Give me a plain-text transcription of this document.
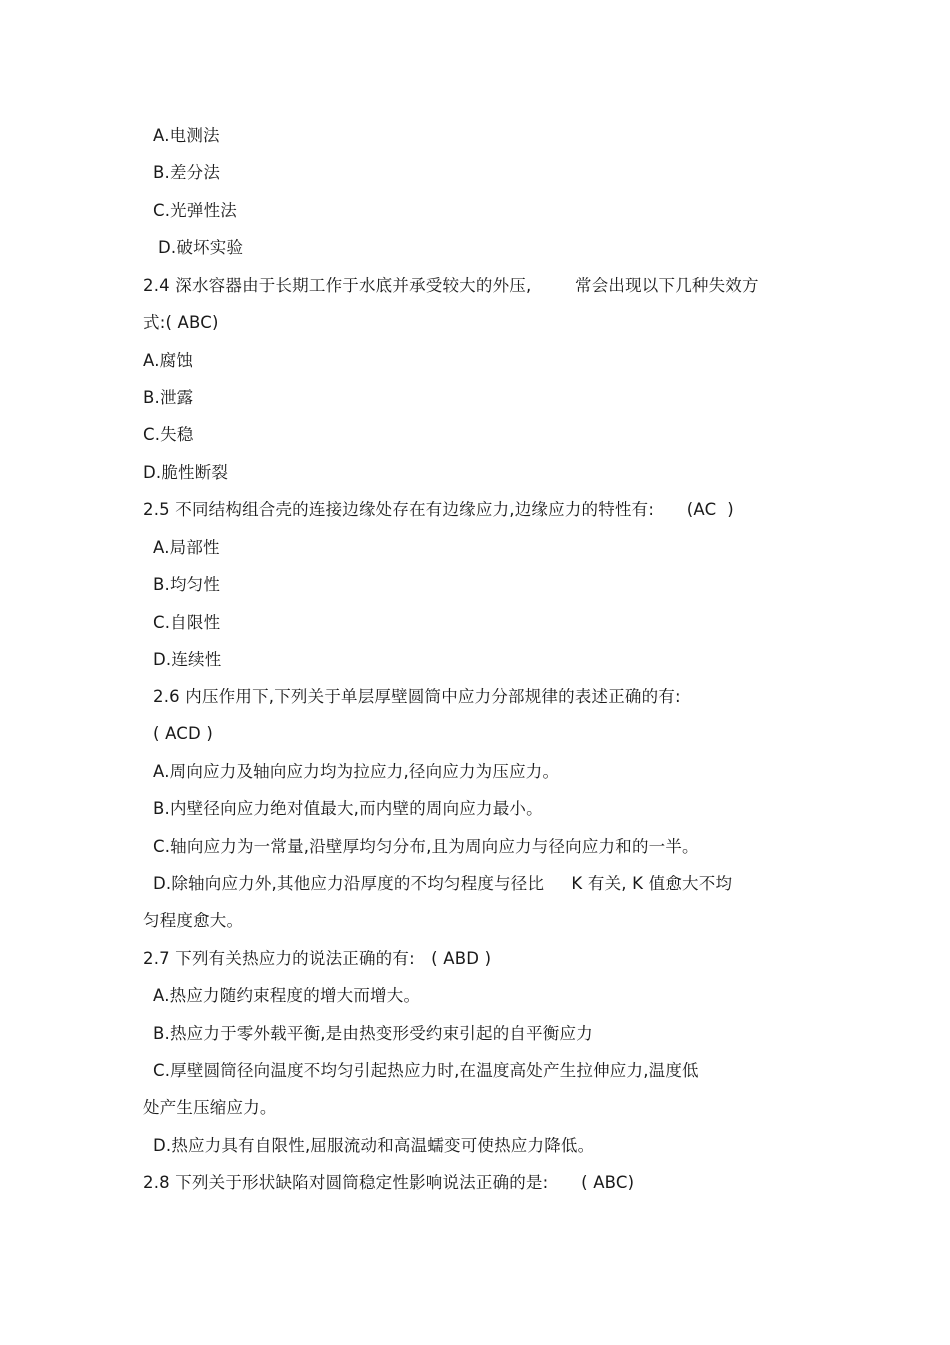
A.电测法
B.差分法
C.光弹性法
D.破坏实验
2.4 深水容器由于长期工作于水底并承受较大的外压,        常会出现以下几种失效方
式:( ABC)
A.腐蚀
B.泄露
C.失稳
D.脆性断裂
2.5 不同结构组合壳的连接边缘处存在有边缘应力,边缘应力的特性有:      (AC  )
A.局部性
B.均匀性
C.自限性
D.连续性
2.6 内压作用下,下列关于单层厚壁圆筒中应力分部规律的表述正确的有:
( ACD )
A.周向应力及轴向应力均为拉应力,径向应力为压应力。
B.内壁径向应力绝对值最大,而内壁的周向应力最小。
C.轴向应力为一常量,沿壁厚均匀分布,且为周向应力与径向应力和的一半。
D.除轴向应力外,其他应力沿厚度的不均匀程度与径比     K 有关, K 值愈大不均
匀程度愈大。
2.7 下列有关热应力的说法正确的有:   ( ABD )
A.热应力随约束程度的增大而增大。
B.热应力于零外载平衡,是由热变形受约束引起的自平衡应力
C.厚壁圆筒径向温度不均匀引起热应力时,在温度高处产生拉伸应力,温度低
处产生压缩应力。
D.热应力具有自限性,屈服流动和高温蠕变可使热应力降低。
2.8 下列关于形状缺陷对圆筒稳定性影响说法正确的是:      ( ABC)
